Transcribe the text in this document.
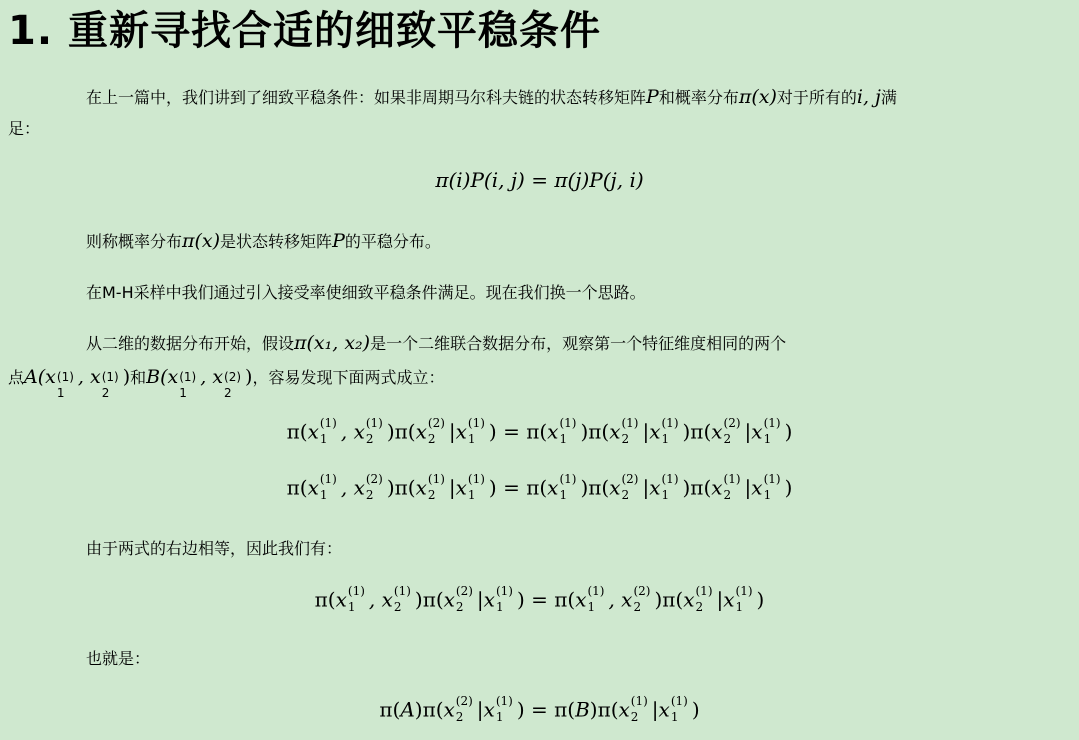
1. 重新寻找合适的细致平稳条件
在上一篇中，我们讲到了细致平稳条件：如果非周期马尔科夫链的状态转移矩阵P和概率分布π(x)对于所有的i, j满
足：
π(i)P(i, j) = π(j)P(j, i)
则称概率分布π(x)是状态转移矩阵P的平稳分布。
在M-H采样中我们通过引入接受率使细致平稳条件满足。现在我们换一个思路。
从二维的数据分布开始，假设π(x₁, x₂)是一个二维联合数据分布，观察第一个特征维度相同的两个
点A(x (1)
1
, x (1)
2
)和B(x (1)
1
, x (2)
2
)，容易发现下面两式成立：
π(x (1)
1 , x (1)
2 )π(x (2)
2 |x (1)
1 ) = π(x (1)
1 )π(x (1)
2 |x (1)
1 )π(x (2)
2 |x (1)
1 )
π(x (1)
1 , x (2)
2 )π(x (1)
2 |x (1)
1 ) = π(x (1)
1 )π(x (2)
2 |x (1)
1 )π(x (1)
2 |x (1)
1 )
由于两式的右边相等，因此我们有：
π(x (1)
1 , x (1)
2 )π(x (2)
2 |x (1)
1 ) = π(x (1)
1 , x (2)
2 )π(x (1)
2 |x (1)
1 )
也就是：
π(A)π(x (2)
2 |x (1)
1 ) = π(B)π(x (1)
2 |x (1)
1 )
